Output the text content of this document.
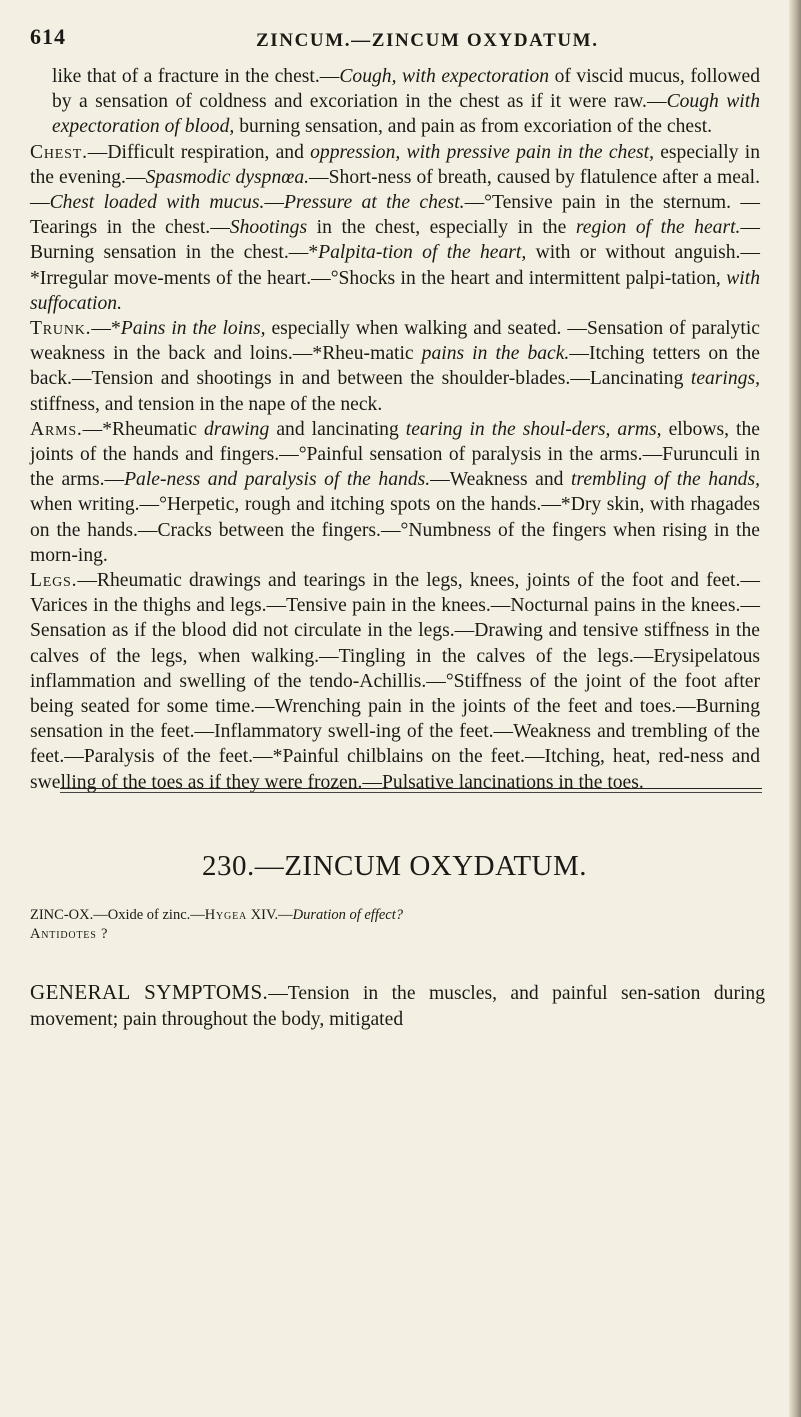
614	ZINCUM.—ZINCUM OXYDATUM.

like that of a fracture in the chest.—Cough, with expectoration of viscid mucus, followed by a sensation of coldness and excoriation in the chest as if it were raw.—Cough with expectoration of blood, burning sensation, and pain as from excoriation of the chest.

Chest.—Difficult respiration, and oppression, with pressive pain in the chest, especially in the evening.—Spasmodic dyspnœa.—Short-ness of breath, caused by flatulence after a meal.—Chest loaded with mucus.—Pressure at the chest.—°Tensive pain in the sternum. —Tearings in the chest.—Shootings in the chest, especially in the region of the heart.—Burning sensation in the chest.—*Palpita-tion of the heart, with or without anguish.—*Irregular move-ments of the heart.—°Shocks in the heart and intermittent palpi-tation, with suffocation.

Trunk.—*Pains in the loins, especially when walking and seated. —Sensation of paralytic weakness in the back and loins.—*Rheu-matic pains in the back.—Itching tetters on the back.—Tension and shootings in and between the shoulder-blades.—Lancinating tearings, stiffness, and tension in the nape of the neck.

Arms.—*Rheumatic drawing and lancinating tearing in the shoul-ders, arms, elbows, the joints of the hands and fingers.—°Painful sensation of paralysis in the arms.—Furunculi in the arms.—Pale-ness and paralysis of the hands.—Weakness and trembling of the hands, when writing.—°Herpetic, rough and itching spots on the hands.—*Dry skin, with rhagades on the hands.—Cracks between the fingers.—°Numbness of the fingers when rising in the morn-ing.

Legs.—Rheumatic drawings and tearings in the legs, knees, joints of the foot and feet.—Varices in the thighs and legs.—Tensive pain in the knees.—Nocturnal pains in the knees.—Sensation as if the blood did not circulate in the legs.—Drawing and tensive stiffness in the calves of the legs, when walking.—Tingling in the calves of the legs.—Erysipelatous inflammation and swelling of the tendo-Achillis.—°Stiffness of the joint of the foot after being seated for some time.—Wrenching pain in the joints of the feet and toes.—Burning sensation in the feet.—Inflammatory swell-ing of the feet.—Weakness and trembling of the feet.—Paralysis of the feet.—*Painful chilblains on the feet.—Itching, heat, red-ness and swelling of the toes as if they were frozen.—Pulsative lancinations in the toes.

230.—ZINCUM OXYDATUM.
ZINC-OX.—Oxide of zinc.—Hygea XIV.—Duration of effect?
Antidotes ?
GENERAL SYMPTOMS.—Tension in the muscles, and painful sen-sation during movement; pain throughout the body, mitigated
